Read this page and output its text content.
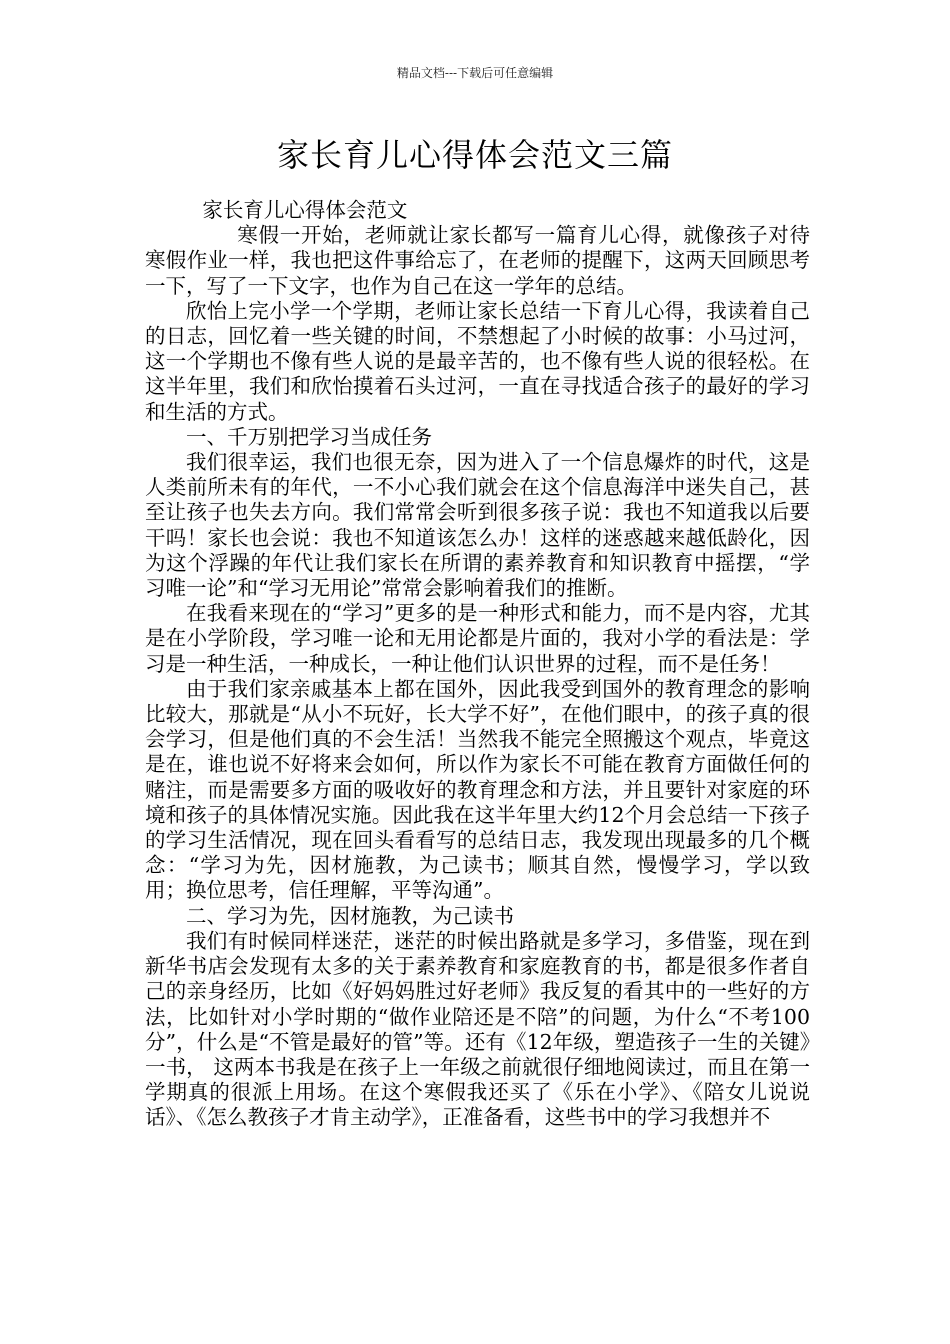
精品文档---下载后可任意编辑
家长育儿心得体会范文三篇

家长育儿心得体会范文

寒假一开始，老师就让家长都写一篇育儿心得，就像孩子对待寒假作业一样，我也把这件事给忘了，在老师的提醒下，这两天回顾思考一下，写了一下文字，也作为自己在这一学年的总结。

欣怡上完小学一个学期，老师让家长总结一下育儿心得，我读着自己的日志，回忆着一些关键的时间，不禁想起了小时候的故事：小马过河，这一个学期也不像有些人说的是最辛苦的，也不像有些人说的很轻松。在这半年里，我们和欣怡摸着石头过河，一直在寻找适合孩子的最好的学习和生活的方式。

一、千万别把学习当成任务

我们很幸运，我们也很无奈，因为进入了一个信息爆炸的时代，这是人类前所未有的年代，一不小心我们就会在这个信息海洋中迷失自己，甚至让孩子也失去方向。我们常常会听到很多孩子说：我也不知道我以后要干吗！家长也会说：我也不知道该怎么办！这样的迷惑越来越低龄化，因为这个浮躁的年代让我们家长在所谓的素养教育和知识教育中摇摆，“学习唯一论”和“学习无用论”常常会影响着我们的推断。

在我看来现在的“学习”更多的是一种形式和能力，而不是内容，尤其是在小学阶段，学习唯一论和无用论都是片面的，我对小学的看法是：学习是一种生活，一种成长，一种让他们认识世界的过程，而不是任务！

由于我们家亲戚基本上都在国外，因此我受到国外的教育理念的影响比较大，那就是“从小不玩好，长大学不好”，在他们眼中，的孩子真的很会学习，但是他们真的不会生活！当然我不能完全照搬这个观点，毕竟这是在，谁也说不好将来会如何，所以作为家长不可能在教育方面做任何的赌注，而是需要多方面的吸收好的教育理念和方法，并且要针对家庭的环境和孩子的具体情况实施。因此我在这半年里大约12个月会总结一下孩子的学习生活情况，现在回头看看写的总结日志，我发现出现最多的几个概念：“学习为先，因材施教，为己读书；顺其自然，慢慢学习，学以致用；换位思考，信任理解，平等沟通”。

二、学习为先，因材施教，为己读书

我们有时候同样迷茫，迷茫的时候出路就是多学习，多借鉴，现在到新华书店会发现有太多的关于素养教育和家庭教育的书，都是很多作者自己的亲身经历，比如《好妈妈胜过好老师》我反复的看其中的一些好的方法，比如针对小学时期的“做作业陪还是不陪”的问题，为什么“不考100分”，什么是“不管是最好的管”等。还有《12年级，塑造孩子一生的关键》一书， 这两本书我是在孩子上一年级之前就很仔细地阅读过，而且在第一学期真的很派上用场。在这个寒假我还买了《乐在小学》、《陪女儿说说话》、《怎么教孩子才肯主动学》，正准备看，这些书中的学习我想并不
